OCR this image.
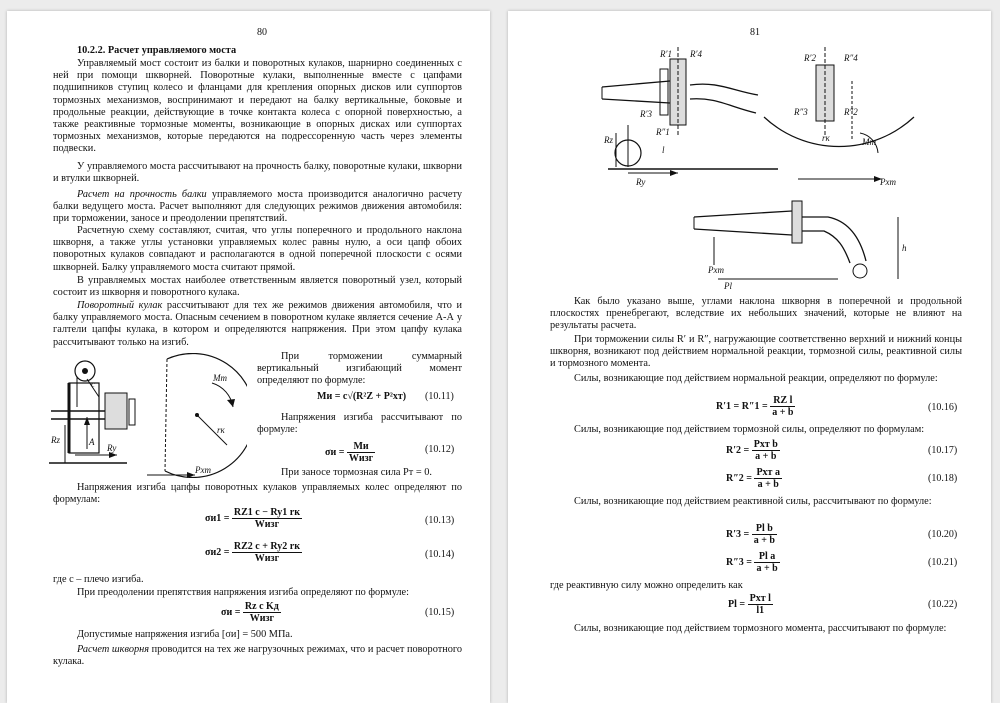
80
10.2.2. Расчет управляемого моста

Управляемый мост состоит из балки и поворотных кулаков, шарнирно соединенных с ней при помощи шкворней. Поворотные кулаки, выполненные вместе с цапфами подшипников ступиц колесо и фланцами для крепления опорных дисков или суппортов тормозных механизмов, воспринимают и передают на балку вертикальные, боковые и продольные реакции, действующие в точке контакта колеса с опорной поверхностью, а также реактивные тормозные моменты, возникающие в опорных дисках или суппортах тормозных механизмов, которые передаются на подрессоренную часть через элементы подвески.

У управляемого моста рассчитывают на прочность балку, поворотные кулаки, шкворни и втулки шкворней.

Расчет на прочность балки управляемого моста производится аналогично расчету балки ведущего моста. Расчет выполняют для следующих режимов движения автомобиля: при торможении, заносе и преодолении препятствий.

Расчетную схему составляют, считая, что углы поперечного и продольного наклона шкворня, а также углы установки управляемых колес равны нулю, а оси цапф обоих поворотных кулаков совпадают и располагаются в одной поперечной плоскости с осями шкворней. Балку управляемого моста считают прямой.

В управляемых мостах наиболее ответственным является поворотный узел, который состоит из шкворня и поворотного кулака.

Поворотный кулак рассчитывают для тех же режимов движения автомобиля, что и балку управляемого моста. Опасным сечением в поворотном кулаке является сечение А-А у галтели цапфы кулака, в котором и определяются напряжения. При этом цапфу кулака рассчитывают только на изгиб.

Rz
Ry
c
A
Mт
rк
Pxт

При торможении суммарный вертикальный изгибающий момент определяют по формуле:

Mи = c√(R²Z + P²xт) (10.11)

Напряжения изгиба рассчитывают по формуле:

$\sigma и = \frac{Mи}{\text{Wизг}}$	(10.12)

При заносе тормозная сила Pт = 0.

Напряжения изгиба цапфы поворотных кулаков управляемых колес определяют по формулам:

$\sigma и1 = \frac{RZ1 c - Ry1 rк}{\text{Wизг}}$	(10.13)
$\sigma и2 = \frac{RZ2 c + Ry2 rк}{\text{Wизг}}$	(10.14)

где c – плечо изгиба.

При преодолении препятствия напряжения изгиба определяют по формуле:

$\sigma и = \frac{\text{Rz c Kд}}{\text{Wизг}}$	(10.15)

Допустимые напряжения изгиба [σи] = 500 МПа.

Расчет шкворня проводится на тех же нагрузочных режимах, что и расчет поворотного кулака.

81
R′1 R′4
R′3
R″1
Rz
l
Ry
R′2	R″4
R″3	R″2
rк	Mт
Pxт
Pxт
Pl
h

Как было указано выше, углами наклона шкворня в поперечной и продольной плоскостях пренебрегают, вследствие их небольших значений, которые не влияют на результаты расчета.

При торможении силы R′ и R″, нагружающие соответственно верхний и нижний концы шкворня, возникают под действием нормальной реакции, тормозной силы, реактивной силы и тормозного момента.

Силы, возникающие под действием нормальной реакции, определяют по формуле:

$R'1 = R''1 = \frac{\text{RZ l}}{a + b}$	(10.16)

Силы, возникающие под действием тормозной силы, определяют по формулам:

$R'2 = \frac{\text{Pxт b}}{a + b}$	(10.17)
$R''2 = \frac{\text{Pxт a}}{a + b}$	(10.18)

Силы, возникающие под действием реактивной силы, рассчитывают по формуле:

$R'3 = \frac{\text{Pl b}}{a + b}$	(10.20)
$R''3 = \frac{\text{Pl a}}{a + b}$	(10.21)

где реактивную силу можно определить как

$Pl = \frac{\text{Pxт l}}{l1}$	(10.22)

Силы, возникающие под действием тормозного момента, рассчитывают по формуле:
